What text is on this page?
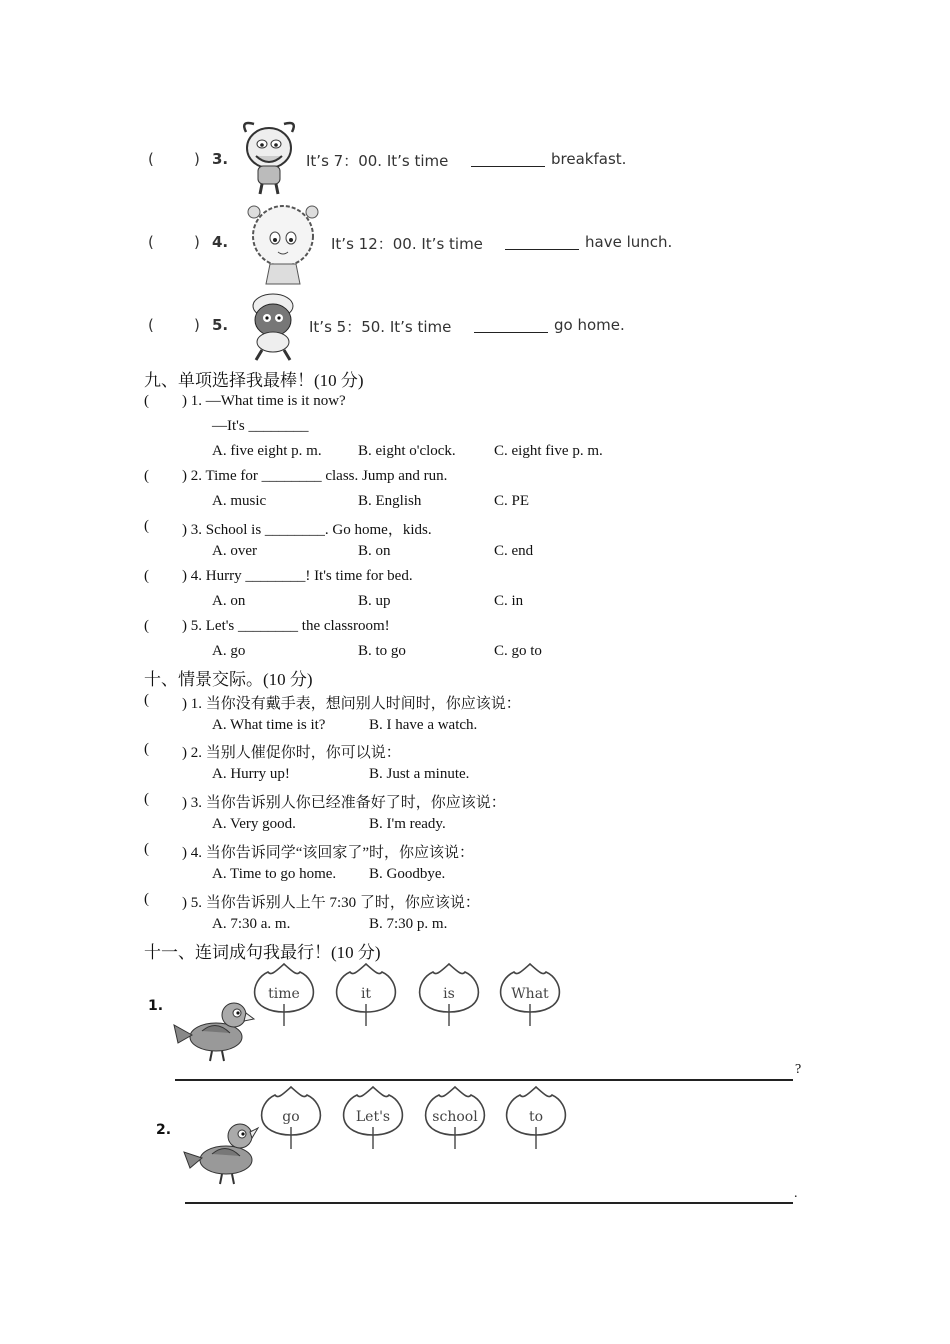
(	) 3.	It’s 7：00. It’s time	breakfast.
(	) 4.	It’s 12：00. It’s time	have lunch.
(	) 5.	It’s 5：50. It’s time	go home.
九、单项选择我最棒！(10 分)
( ) 1. —What time is it now?
—It's ________
A. five eight p. m. B. eight o'clock.	C. eight five p. m.
( ) 2. Time for ________ class. Jump and run.
A. music	B. English	C. PE
( ) 3. School is ________. Go home，kids.
A. over	B. on	C. end
( ) 4. Hurry ________! It's time for bed.
A. on	B. up	C. in
( ) 5. Let's ________ the classroom!
A. go	B. to go	C. go to
十、情景交际。(10 分)
( ) 1. 当你没有戴手表，想问别人时间时，你应该说：
A. What time is it?	B. I have a watch.
( ) 2. 当别人催促你时，你可以说：
A. Hurry up!	B. Just a minute.
( ) 3. 当你告诉别人你已经准备好了时，你应该说：
A. Very good.	B. I'm ready.
( ) 4. 当你告诉同学“该回家了”时，你应该说：
A. Time to go home. B. Goodbye.
( ) 5. 当你告诉别人上午 7:30 了时，你应该说：
A. 7:30 a. m.	B. 7:30 p. m.
十一、连词成句我最行！(10 分)
1.
time	it	is	What
?
2.
go	Let's	school	to
.
